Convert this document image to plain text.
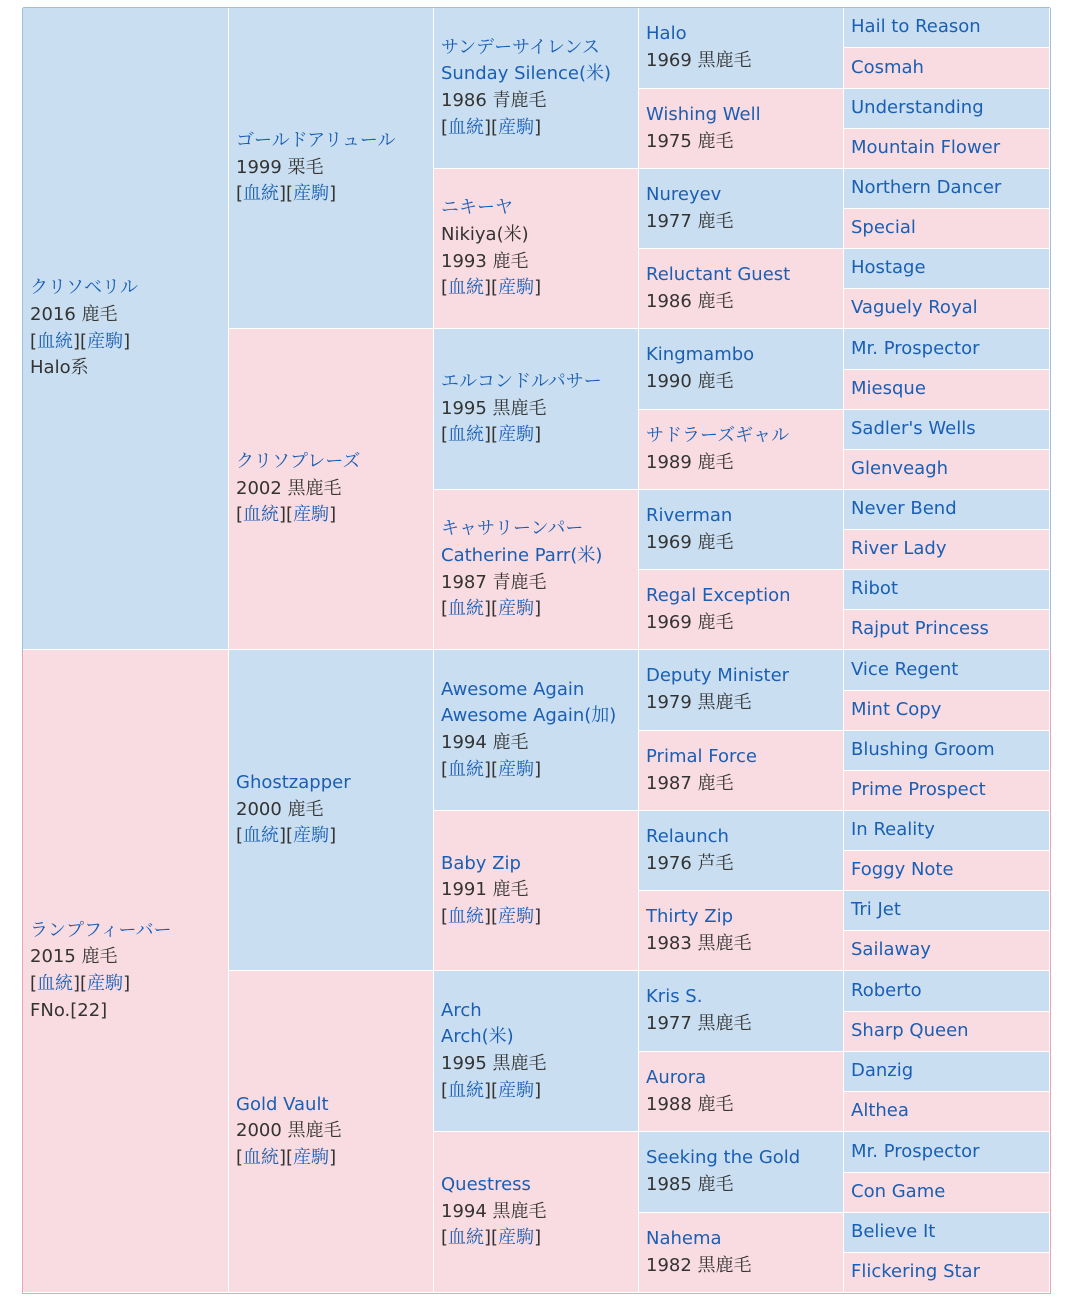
クリソベリル
2016 鹿毛
[血統][産駒]
Halo系
ランプフィーバー
2015 鹿毛
[血統][産駒]
FNo.[22]
ゴールドアリュール
1999 栗毛
[血統][産駒]
クリソプレーズ
2002 黒鹿毛
[血統][産駒]
Ghostzapper
2000 鹿毛
[血統][産駒]
Gold Vault
2000 黒鹿毛
[血統][産駒]
サンデーサイレンス
Sunday Silence(米)
1986 青鹿毛
[血統][産駒]
ニキーヤ
Nikiya(米)
1993 鹿毛
[血統][産駒]
エルコンドルパサー
1995 黒鹿毛
[血統][産駒]
キャサリーンパー
Catherine Parr(米)
1987 青鹿毛
[血統][産駒]
Awesome Again
Awesome Again(加)
1994 鹿毛
[血統][産駒]
Baby Zip
1991 鹿毛
[血統][産駒]
Arch
Arch(米)
1995 黒鹿毛
[血統][産駒]
Questress
1994 黒鹿毛
[血統][産駒]
Halo
1969 黒鹿毛
Wishing Well
1975 鹿毛
Nureyev
1977 鹿毛
Reluctant Guest
1986 鹿毛
Kingmambo
1990 鹿毛
サドラーズギャル
1989 鹿毛
Riverman
1969 鹿毛
Regal Exception
1969 鹿毛
Deputy Minister
1979 黒鹿毛
Primal Force
1987 鹿毛
Relaunch
1976 芦毛
Thirty Zip
1983 黒鹿毛
Kris S.
1977 黒鹿毛
Aurora
1988 鹿毛
Seeking the Gold
1985 鹿毛
Nahema
1982 黒鹿毛
Hail to Reason
Cosmah
Understanding
Mountain Flower
Northern Dancer
Special
Hostage
Vaguely Royal
Mr. Prospector
Miesque
Sadler's Wells
Glenveagh
Never Bend
River Lady
Ribot
Rajput Princess
Vice Regent
Mint Copy
Blushing Groom
Prime Prospect
In Reality
Foggy Note
Tri Jet
Sailaway
Roberto
Sharp Queen
Danzig
Althea
Mr. Prospector
Con Game
Believe It
Flickering Star
